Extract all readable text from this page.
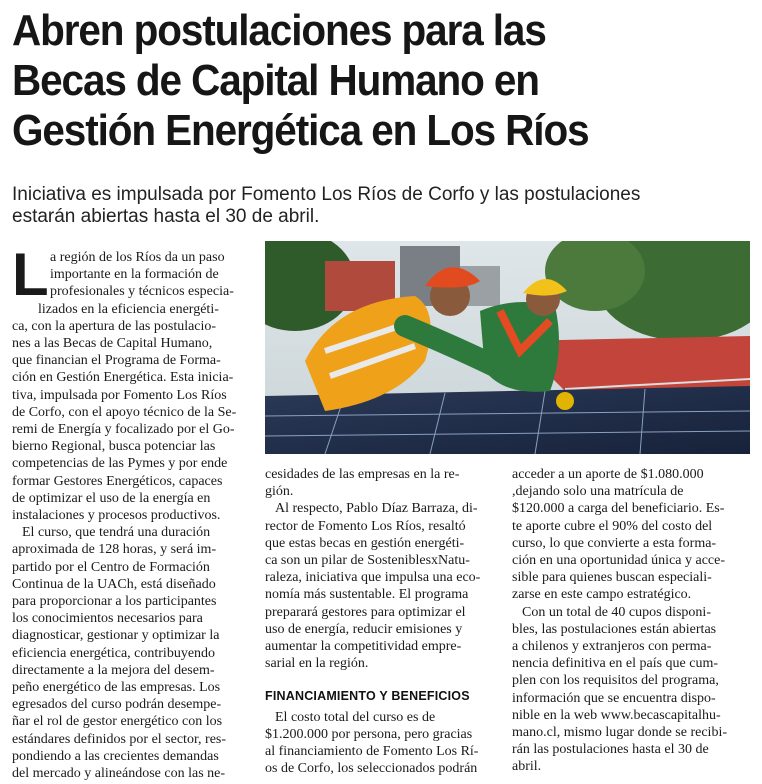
Abren postulaciones para las
Becas de Capital Humano en
Gestión Energética en Los Ríos

Iniciativa es impulsada por Fomento Los Ríos de Corfo y las postulaciones
estarán abiertas hasta el 30 de abril.

L a región de los Ríos da un paso
importante en la formación de
profesionales y técnicos especia-
lizados en la eficiencia energéti-
ca, con la apertura de las postulacio-
nes a las Becas de Capital Humano,
que financian el Programa de Forma-
ción en Gestión Energética. Esta inicia-
tiva, impulsada por Fomento Los Ríos
de Corfo, con el apoyo técnico de la Se-
remi de Energía y focalizado por el Go-
bierno Regional, busca potenciar las
competencias de las Pymes y por ende
formar Gestores Energéticos, capaces
de optimizar el uso de la energía en
instalaciones y procesos productivos.
El curso, que tendrá una duración
aproximada de 128 horas, y será im-
partido por el Centro de Formación
Continua de la UACh, está diseñado
para proporcionar a los participantes
los conocimientos necesarios para
diagnosticar, gestionar y optimizar la
eficiencia energética, contribuyendo
directamente a la mejora del desem-
peño energético de las empresas. Los
egresados del curso podrán desempe-
ñar el rol de gestor energético con los
estándares definidos por el sector, res-
pondiendo a las crecientes demandas
del mercado y alineándose con las ne-
cesidades de las empresas en la re-
gión.
Al respecto, Pablo Díaz Barraza, di-
rector de Fomento Los Ríos, resaltó
que estas becas en gestión energéti-
ca son un pilar de SosteniblesxNatu-
raleza, iniciativa que impulsa una eco-
nomía más sustentable. El programa
preparará gestores para optimizar el
uso de energía, reducir emisiones y
aumentar la competitividad empre-
sarial en la región.
FINANCIAMIENTO Y BENEFICIOS
El costo total del curso es de
$1.200.000 por persona, pero gracias
al financiamiento de Fomento Los Rí-
os de Corfo, los seleccionados podrán
acceder a un aporte de $1.080.000
,dejando solo una matrícula de
$120.000 a carga del beneficiario. Es-
te aporte cubre el 90% del costo del
curso, lo que convierte a esta forma-
ción en una oportunidad única y acce-
sible para quienes buscan especiali-
zarse en este campo estratégico.
Con un total de 40 cupos disponi-
bles, las postulaciones están abiertas
a chilenos y extranjeros con perma-
nencia definitiva en el país que cum-
plen con los requisitos del programa,
información que se encuentra dispo-
nible en la web www.becascapitalhu-
mano.cl, mismo lugar donde se recibi-
rán las postulaciones hasta el 30 de
abril.
